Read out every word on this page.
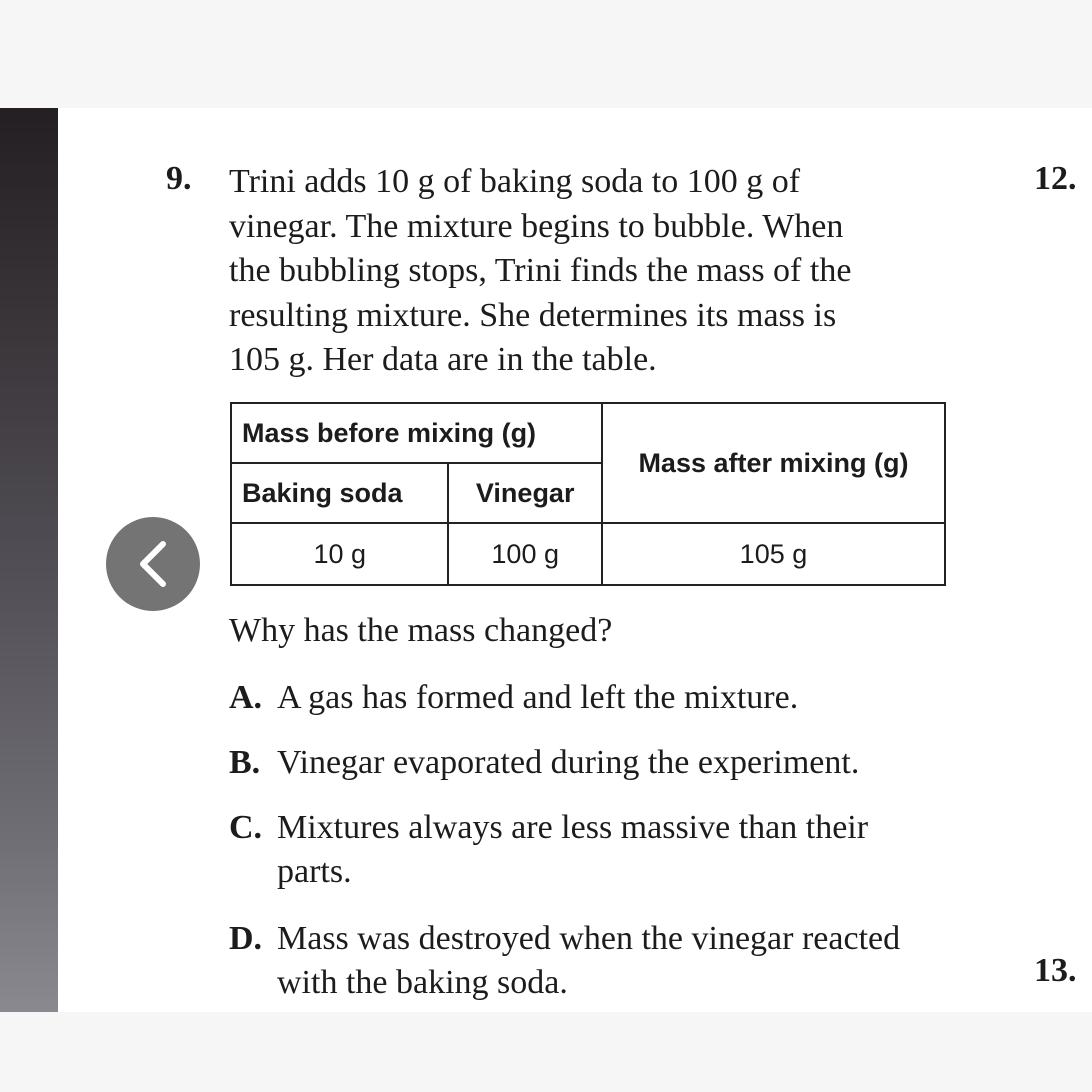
9. Trini adds 10 g of baking soda to 100 g of
vinegar. The mixture begins to bubble. When
the bubbling stops, Trini finds the mass of the
resulting mixture. She determines its mass is
105 g. Her data are in the table.
12.
13.
Mass before mixing (g)		Mass after mixing (g)
Baking soda	Vinegar	
10 g	100 g	105 g
Why has the mass changed?
A. A gas has formed and left the mixture.
B. Vinegar evaporated during the experiment.
C. Mixtures always are less massive than their
parts.
D. Mass was destroyed when the vinegar reacted
with the baking soda.
